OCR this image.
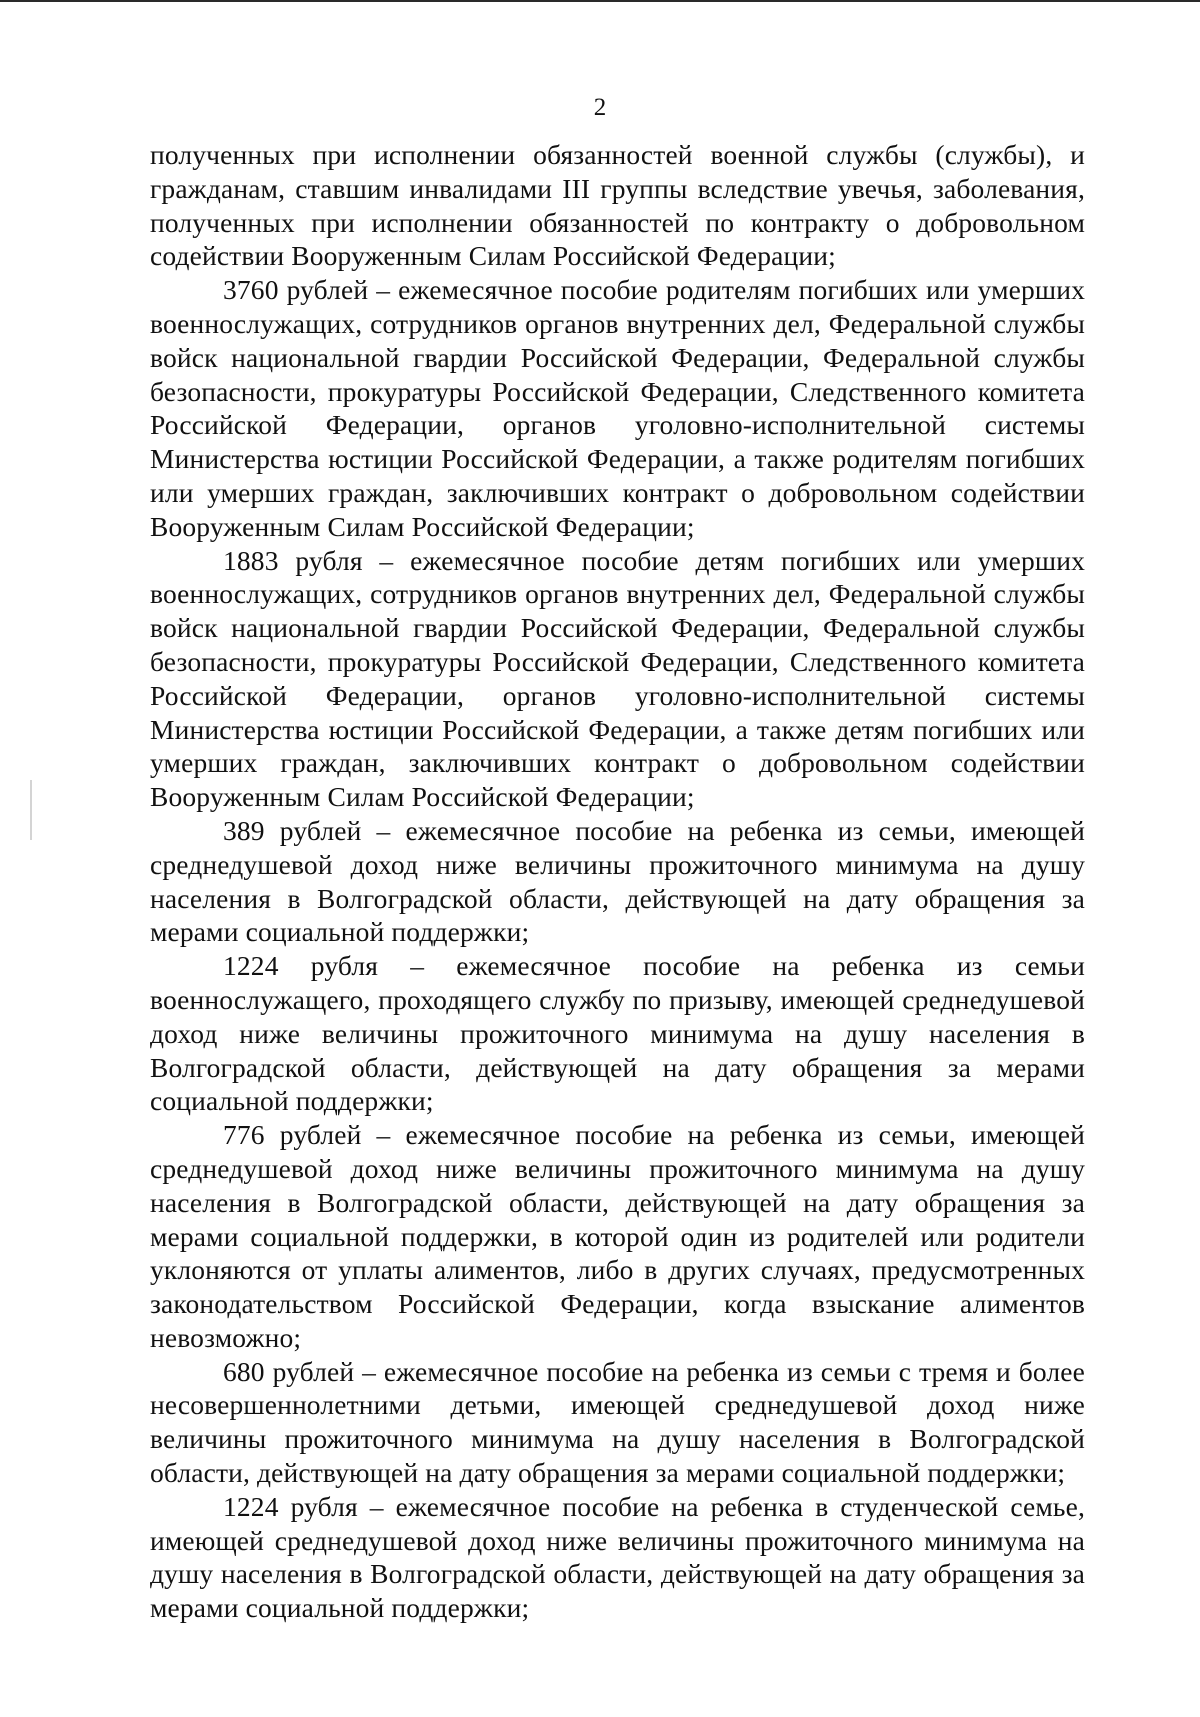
2

полученных при исполнении обязанностей военной службы (службы), и гражданам, ставшим инвалидами III группы вследствие увечья, заболевания, полученных при исполнении обязанностей по контракту о добровольном содействии Вооруженным Силам Российской Федерации;

3760 рублей – ежемесячное пособие родителям погибших или умерших военнослужащих, сотрудников органов внутренних дел, Федеральной службы войск национальной гвардии Российской Федерации, Федеральной службы безопасности, прокуратуры Российской Федерации, Следственного комитета Российской Федерации, органов уголовно-исполнительной системы Министерства юстиции Российской Федерации, а также родителям погибших или умерших граждан, заключивших контракт о добровольном содействии Вооруженным Силам Российской Федерации;

1883 рубля – ежемесячное пособие детям погибших или умерших военнослужащих, сотрудников органов внутренних дел, Федеральной службы войск национальной гвардии Российской Федерации, Федеральной службы безопасности, прокуратуры Российской Федерации, Следственного комитета Российской Федерации, органов уголовно-исполнительной системы Министерства юстиции Российской Федерации, а также детям погибших или умерших граждан, заключивших контракт о добровольном содействии Вооруженным Силам Российской Федерации;

389 рублей – ежемесячное пособие на ребенка из семьи, имеющей среднедушевой доход ниже величины прожиточного минимума на душу населения в Волгоградской области, действующей на дату обращения за мерами социальной поддержки;

1224 рубля – ежемесячное пособие на ребенка из семьи военнослужащего, проходящего службу по призыву, имеющей среднедушевой доход ниже величины прожиточного минимума на душу населения в Волгоградской области, действующей на дату обращения за мерами социальной поддержки;

776 рублей – ежемесячное пособие на ребенка из семьи, имеющей среднедушевой доход ниже величины прожиточного минимума на душу населения в Волгоградской области, действующей на дату обращения за мерами социальной поддержки, в которой один из родителей или родители уклоняются от уплаты алиментов, либо в других случаях, предусмотренных законодательством Российской Федерации, когда взыскание алиментов невозможно;

680 рублей – ежемесячное пособие на ребенка из семьи с тремя и более несовершеннолетними детьми, имеющей среднедушевой доход ниже величины прожиточного минимума на душу населения в Волгоградской области, действующей на дату обращения за мерами социальной поддержки;

1224 рубля – ежемесячное пособие на ребенка в студенческой семье, имеющей среднедушевой доход ниже величины прожиточного минимума на душу населения в Волгоградской области, действующей на дату обращения за мерами социальной поддержки;
